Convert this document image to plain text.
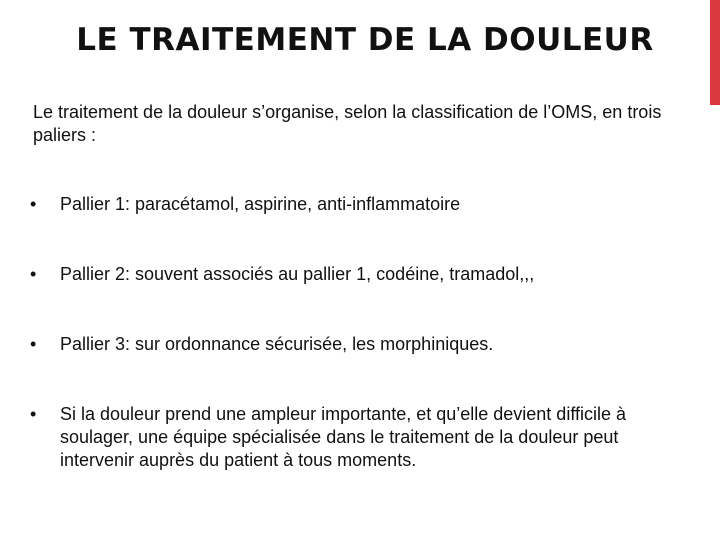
LE TRAITEMENT DE LA DOULEUR

Le traitement de la douleur s’organise, selon la classification de l’OMS, en trois paliers :

•	Pallier 1: paracétamol, aspirine, anti-inflammatoire
•	Pallier 2: souvent associés au pallier 1, codéine, tramadol,,,
•	Pallier 3: sur ordonnance sécurisée, les morphiniques.
•	Si la douleur prend une ampleur importante, et qu’elle devient difficile à soulager, une équipe spécialisée dans le traitement de la douleur peut intervenir auprès du patient à tous moments.
